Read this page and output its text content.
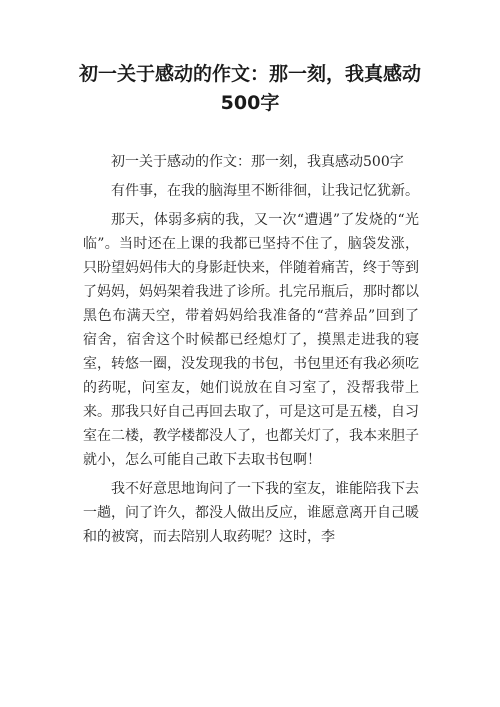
初一关于感动的作文：那一刻，我真感动500字

初一关于感动的作文：那一刻，我真感动500字

有件事，在我的脑海里不断徘徊，让我记忆犹新。

那天，体弱多病的我，又一次“遭遇”了发烧的“光临”。当时还在上课的我都已坚持不住了，脑袋发涨，只盼望妈妈伟大的身影赶快来，伴随着痛苦，终于等到了妈妈，妈妈架着我进了诊所。扎完吊瓶后，那时都以黑色布满天空，带着妈妈给我准备的“营养品”回到了宿舍，宿舍这个时候都已经熄灯了，摸黑走进我的寝室，转悠一圈，没发现我的书包，书包里还有我必须吃的药呢，问室友，她们说放在自习室了，没帮我带上来。那我只好自己再回去取了，可是这可是五楼，自习室在二楼，教学楼都没人了，也都关灯了，我本来胆子就小，怎么可能自己敢下去取书包啊！

我不好意思地询问了一下我的室友，谁能陪我下去一趟，问了许久，都没人做出反应，谁愿意离开自己暖和的被窝，而去陪别人取药呢？这时，李
